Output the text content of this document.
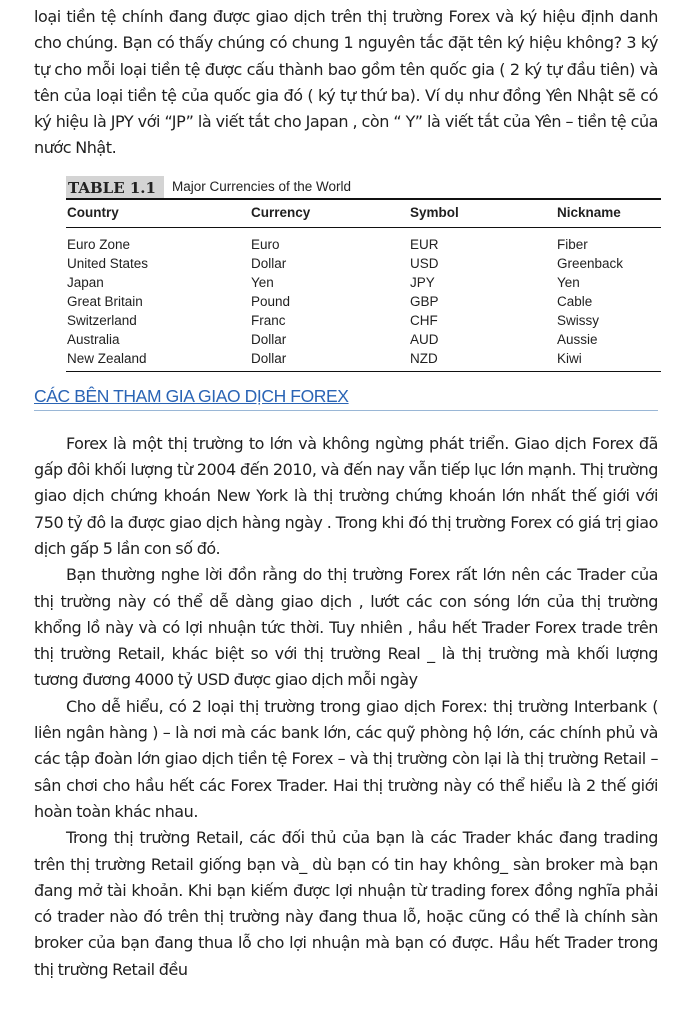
loại tiền tệ chính đang được giao dịch trên thị trường Forex và ký hiệu định danh cho chúng. Bạn có thấy chúng có chung 1 nguyên tắc đặt tên ký hiệu không? 3 ký tự cho mỗi loại tiền tệ được cấu thành bao gồm tên quốc gia ( 2 ký tự đầu tiên) và tên của loại tiền tệ của quốc gia đó ( ký tự thứ ba). Ví dụ như đồng Yên Nhật sẽ có ký hiệu là JPY với “JP” là viết tắt cho Japan , còn “ Y” là viết tắt của Yên – tiền tệ của nước Nhật.

TABLE 1.1	Major Currencies of the World
Country	Currency	Symbol	Nickname
Euro Zone	Euro	EUR	Fiber
United States	Dollar	USD	Greenback
Japan	Yen	JPY	Yen
Great Britain	Pound	GBP	Cable
Switzerland	Franc	CHF	Swissy
Australia	Dollar	AUD	Aussie
New Zealand	Dollar	NZD	Kiwi
CÁC BÊN THAM GIA GIAO DỊCH FOREX

Forex là một thị trường to lớn và không ngừng phát triển. Giao dịch Forex đã gấp đôi khối lượng từ 2004 đến 2010, và đến nay vẫn tiếp lục lớn mạnh. Thị trường giao dịch chứng khoán New York là thị trường chứng khoán lớn nhất thế giới với 750 tỷ đô la được giao dịch hàng ngày . Trong khi đó thị trường Forex có giá trị giao dịch gấp 5 lần con số đó.

Bạn thường nghe lời đồn rằng do thị trường Forex rất lớn nên các Trader của thị trường này có thể dễ dàng giao dịch , lướt các con sóng lớn của thị trường khổng lồ này và có lợi nhuận tức thời. Tuy nhiên , hầu hết Trader Forex trade trên thị trường Retail, khác biệt so với thị trường Real _ là thị trường mà khối lượng tương đương 4000 tỷ USD được giao dịch mỗi ngày

Cho dễ hiểu, có 2 loại thị trường trong giao dịch Forex: thị trường Interbank ( liên ngân hàng ) – là nơi mà các bank lớn, các quỹ phòng hộ lớn, các chính phủ và các tập đoàn lớn giao dịch tiền tệ Forex – và thị trường còn lại là thị trường Retail – sân chơi cho hầu hết các Forex Trader. Hai thị trường này có thể hiểu là 2 thế giới hoàn toàn khác nhau.

Trong thị trường Retail, các đối thủ của bạn là các Trader khác đang trading trên thị trường Retail giống bạn và_ dù bạn có tin hay không_ sàn broker mà bạn đang mở tài khoản. Khi bạn kiếm được lợi nhuận từ trading forex đồng nghĩa phải có trader nào đó trên thị trường này đang thua lỗ, hoặc cũng có thể là chính sàn broker của bạn đang thua lỗ cho lợi nhuận mà bạn có được. Hầu hết Trader trong thị trường Retail đều
